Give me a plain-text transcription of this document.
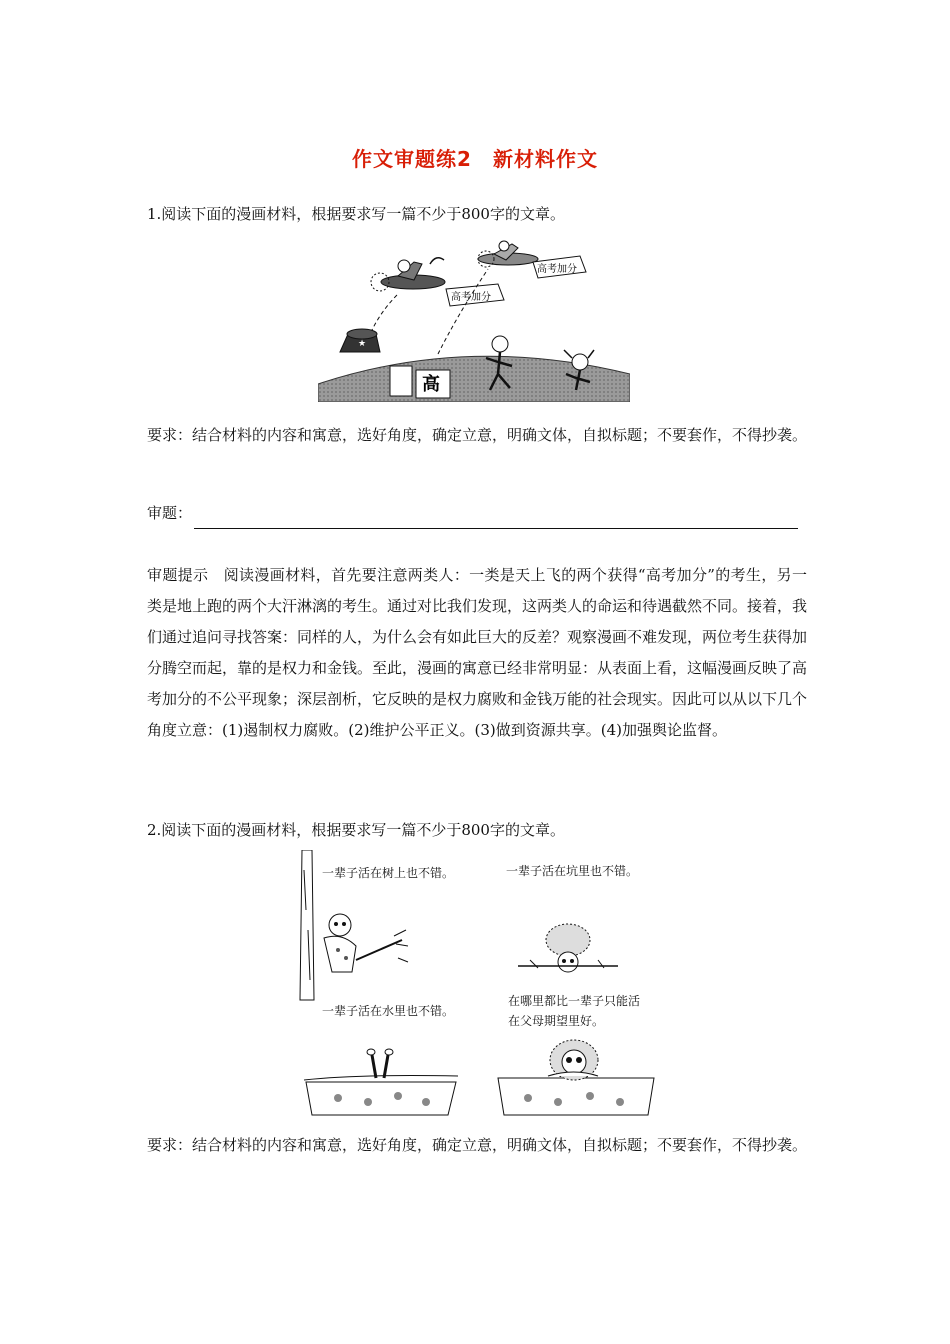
作文审题练2　新材料作文

1.阅读下面的漫画材料，根据要求写一篇不少于800字的文章。

高考加分
高考加分
★
高

要求：结合材料的内容和寓意，选好角度，确定立意，明确文体，自拟标题；不要套作，不得抄袭。

审题：

审题提示　阅读漫画材料，首先要注意两类人：一类是天上飞的两个获得“高考加分”的考生，另一类是地上跑的两个大汗淋漓的考生。通过对比我们发现，这两类人的命运和待遇截然不同。接着，我们通过追问寻找答案：同样的人，为什么会有如此巨大的反差？观察漫画不难发现，两位考生获得加分腾空而起，靠的是权力和金钱。至此，漫画的寓意已经非常明显：从表面上看，这幅漫画反映了高考加分的不公平现象；深层剖析，它反映的是权力腐败和金钱万能的社会现实。因此可以从以下几个角度立意：(1)遏制权力腐败。(2)维护公平正义。(3)做到资源共享。(4)加强舆论监督。

2.阅读下面的漫画材料，根据要求写一篇不少于800字的文章。

一辈子活在树上也不错。	一辈子活在坑里也不错。
一辈子活在水里也不错。
在哪里都比一辈子只能活
在父母期望里好。

要求：结合材料的内容和寓意，选好角度，确定立意，明确文体，自拟标题；不要套作，不得抄袭。
